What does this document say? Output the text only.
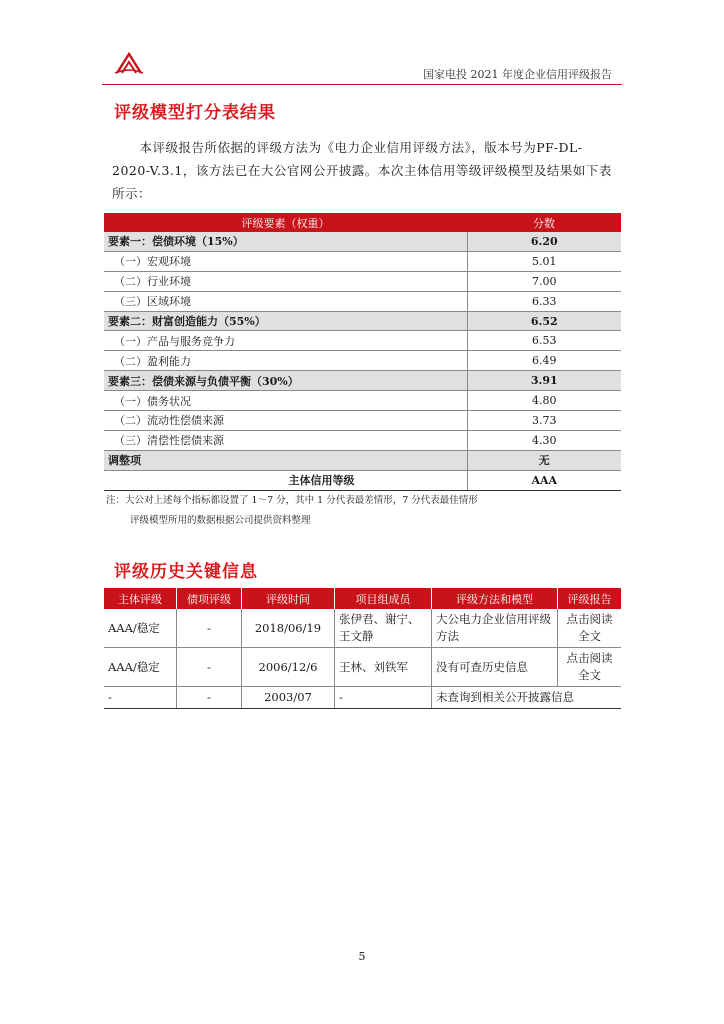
国家电投 2021 年度企业信用评级报告
评级模型打分表结果

本评级报告所依据的评级方法为《电力企业信用评级方法》，版本号为PF-DL-2020-V.3.1，该方法已在大公官网公开披露。本次主体信用等级评级模型及结果如下表所示：

评级要素（权重）	分数
要素一：偿债环境（15%）	6.20
（一）宏观环境	5.01
（二）行业环境	7.00
（三）区域环境	6.33
要素二：财富创造能力（55%）	6.52
（一）产品与服务竞争力	6.53
（二）盈利能力	6.49
要素三：偿债来源与负债平衡（30%）	3.91
（一）债务状况	4.80
（二）流动性偿债来源	3.73
（三）清偿性偿债来源	4.30
调整项	无
主体信用等级	AAA
注：大公对上述每个指标都设置了 1～7 分，其中 1 分代表最差情形，7 分代表最佳情形
评级模型所用的数据根据公司提供资料整理
评级历史关键信息
主体评级	债项评级	评级时间	项目组成员	评级方法和模型	评级报告
AAA/稳定	-	2018/06/19	张伊君、谢宁、王文静	大公电力企业信用评级方法	点击阅读全文
AAA/稳定	-	2006/12/6	王林、刘铁军	没有可查历史信息	点击阅读全文
-	-	2003/07	-	未查询到相关公开披露信息	
5
